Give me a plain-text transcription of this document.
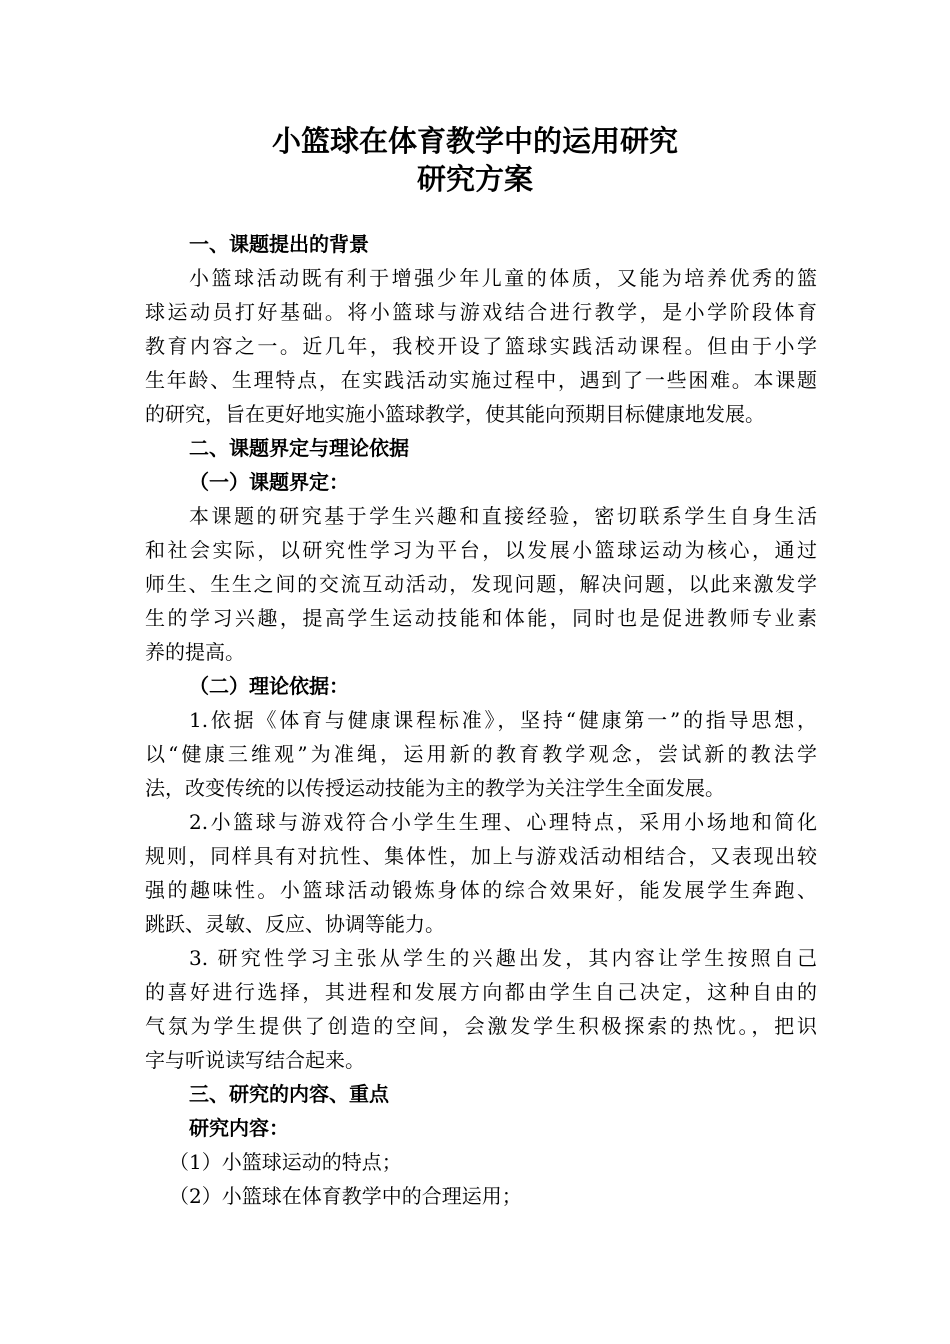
小篮球在体育教学中的运用研究
研究方案
一、课题提出的背景
小篮球活动既有利于增强少年儿童的体质，又能为培养优秀的篮
球运动员打好基础。将小篮球与游戏结合进行教学，是小学阶段体育
教育内容之一。近几年，我校开设了篮球实践活动课程。但由于小学
生年龄、生理特点，在实践活动实施过程中，遇到了一些困难。本课题
的研究，旨在更好地实施小篮球教学，使其能向预期目标健康地发展。
二、课题界定与理论依据
（一）课题界定：
本课题的研究基于学生兴趣和直接经验，密切联系学生自身生活
和社会实际，以研究性学习为平台，以发展小篮球运动为核心，通过
师生、生生之间的交流互动活动，发现问题，解决问题，以此来激发学
生的学习兴趣，提高学生运动技能和体能，同时也是促进教师专业素
养的提高。
（二）理论依据：
1.依据《体育与健康课程标准》，坚持“健康第一”的指导思想，
以“健康三维观”为准绳，运用新的教育教学观念，尝试新的教法学
法，改变传统的以传授运动技能为主的教学为关注学生全面发展。
2.小篮球与游戏符合小学生生理、心理特点，采用小场地和简化
规则，同样具有对抗性、集体性，加上与游戏活动相结合，又表现出较
强的趣味性。小篮球活动锻炼身体的综合效果好，能发展学生奔跑、
跳跃、灵敏、反应、协调等能力。
3. 研究性学习主张从学生的兴趣出发，其内容让学生按照自己
的喜好进行选择，其进程和发展方向都由学生自己决定，这种自由的
气氛为学生提供了创造的空间，会激发学生积极探索的热忱。，把识
字与听说读写结合起来。
三、研究的内容、重点
研究内容：
（1）小篮球运动的特点；
（2）小篮球在体育教学中的合理运用；
